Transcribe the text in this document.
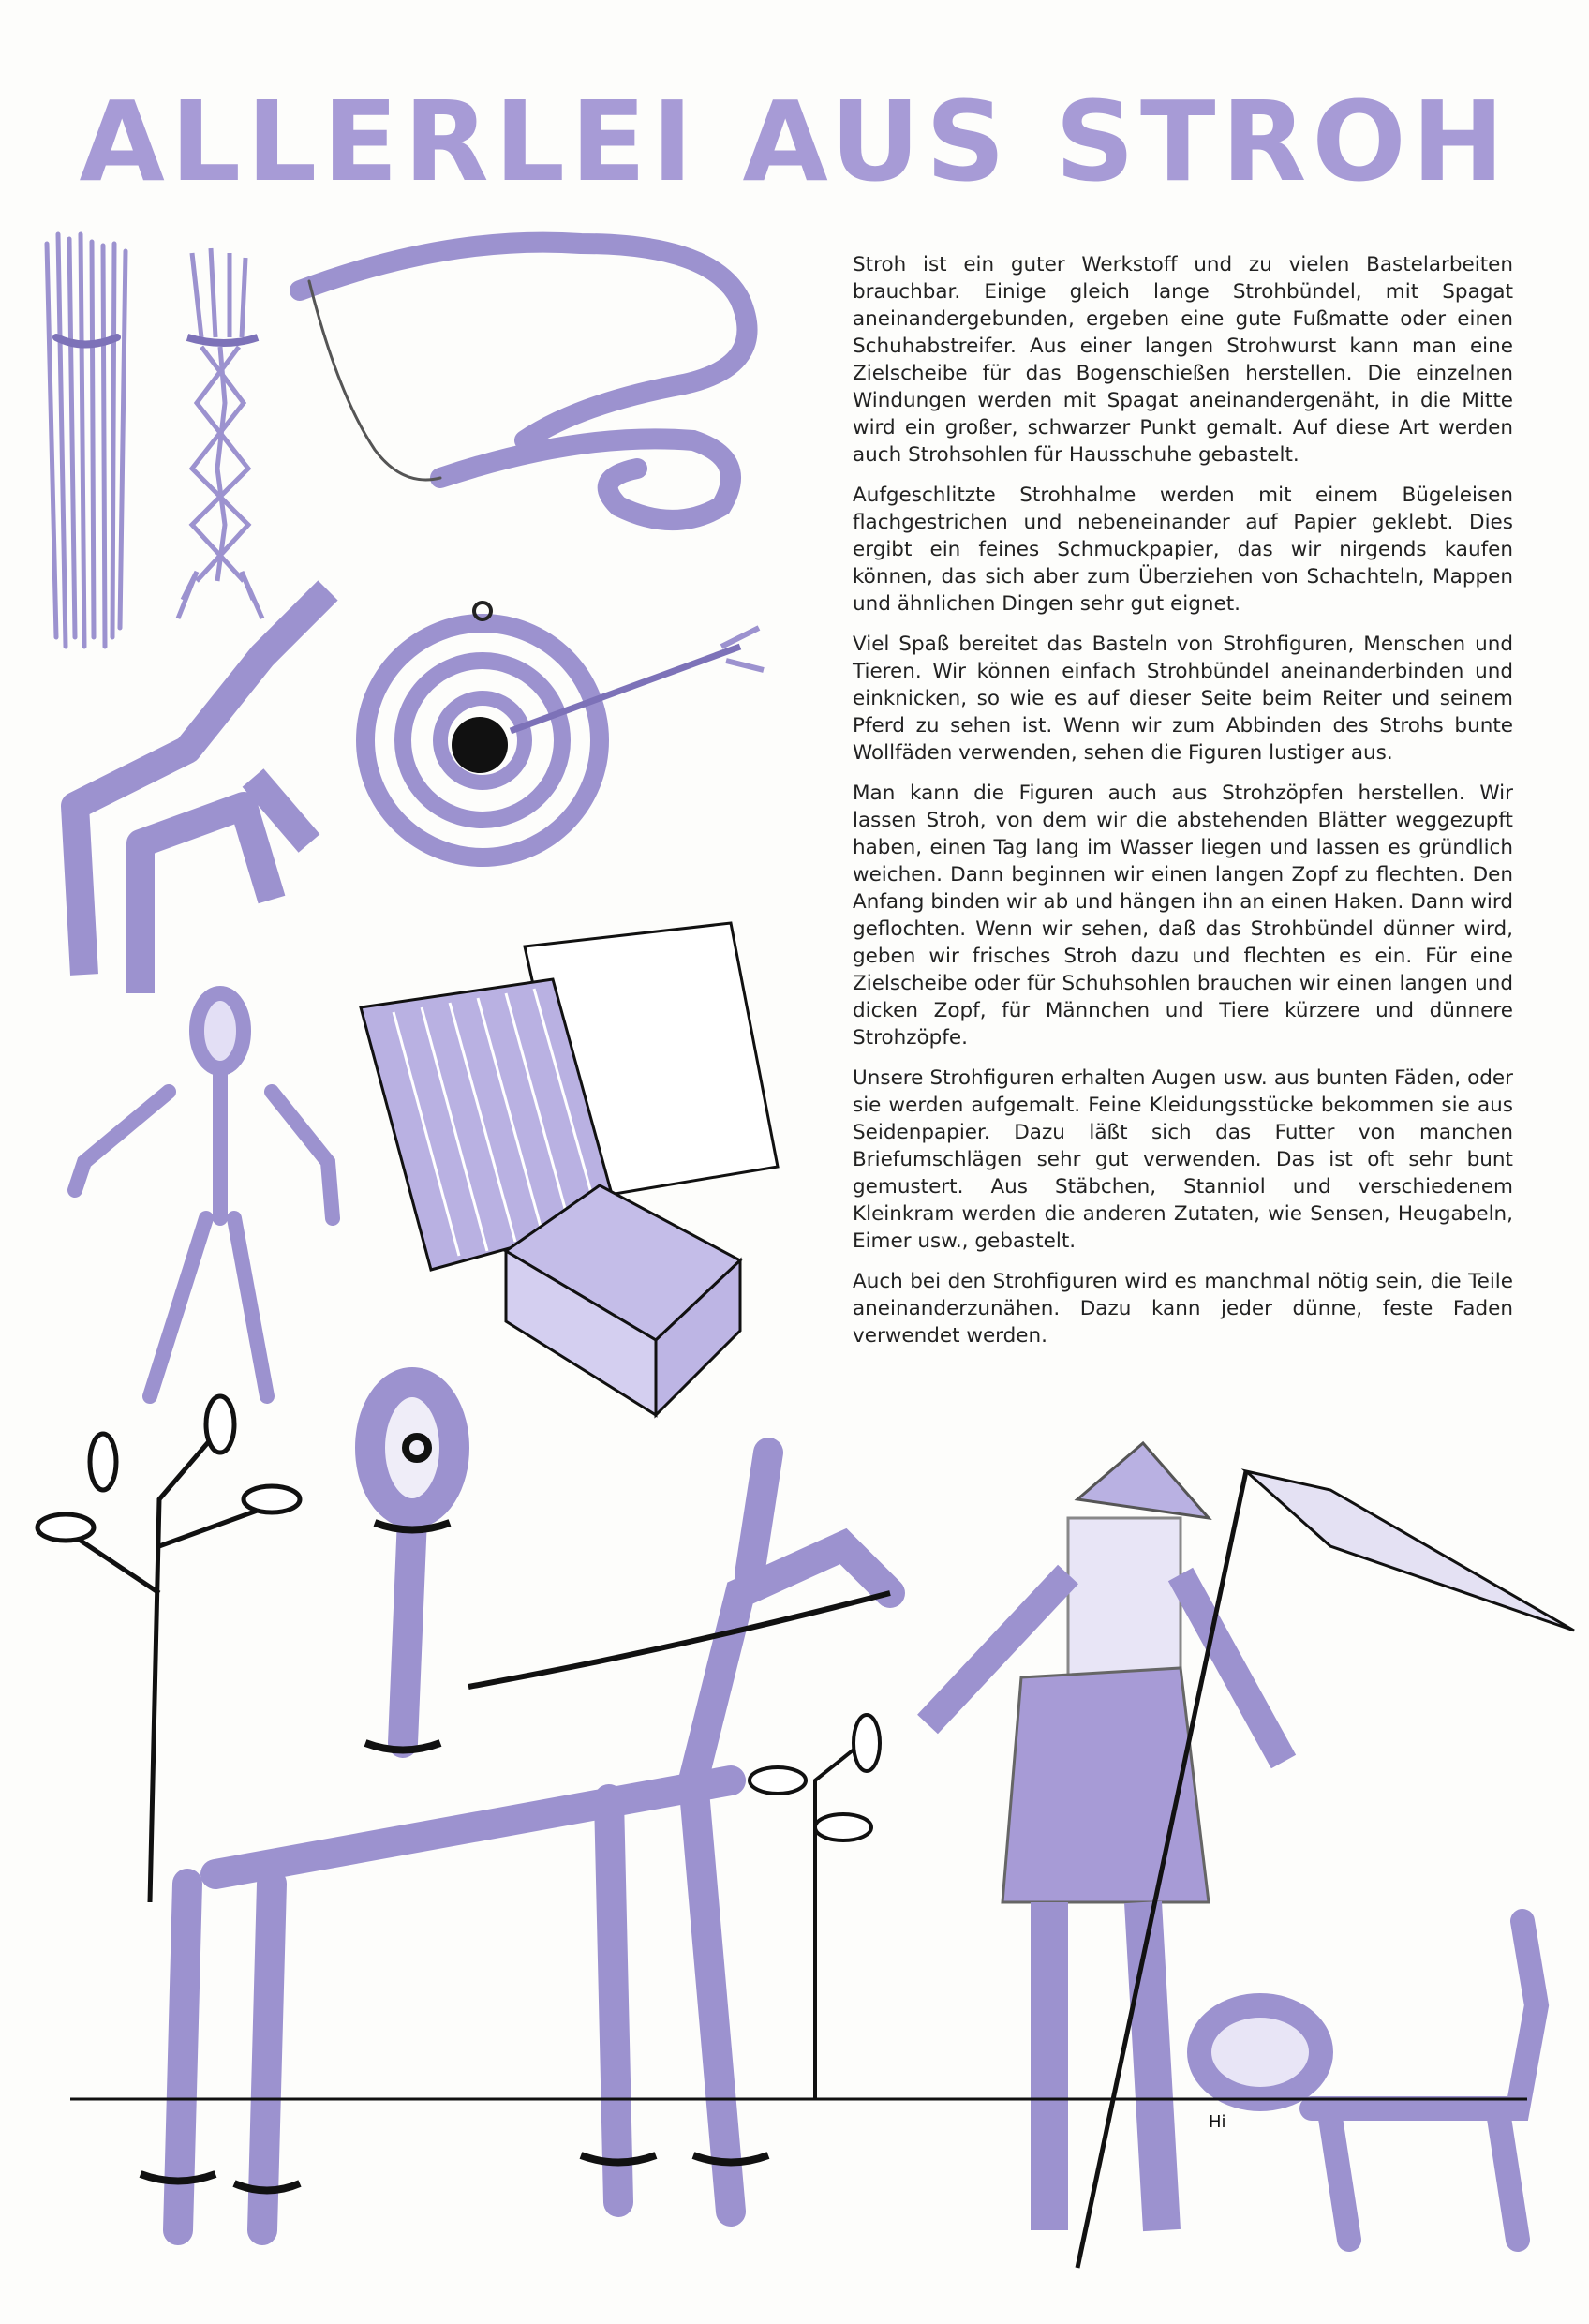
ALLERLEI AUS STROH

Stroh ist ein guter Werkstoff und zu vielen Bastelarbeiten brauchbar. Einige gleich lange Strohbündel, mit Spagat aneinandergebunden, ergeben eine gute Fußmatte oder einen Schuhabstreifer. Aus einer langen Strohwurst kann man eine Zielscheibe für das Bogenschießen herstellen. Die einzelnen Windungen werden mit Spagat aneinandergenäht, in die Mitte wird ein großer, schwarzer Punkt gemalt. Auf diese Art werden auch Strohsohlen für Hausschuhe gebastelt.

Aufgeschlitzte Strohhalme werden mit einem Bügeleisen flachgestrichen und nebeneinander auf Papier geklebt. Dies ergibt ein feines Schmuckpapier, das wir nirgends kaufen können, das sich aber zum Überziehen von Schachteln, Mappen und ähnlichen Dingen sehr gut eignet.

Viel Spaß bereitet das Basteln von Strohfiguren, Menschen und Tieren. Wir können einfach Strohbündel aneinanderbinden und einknicken, so wie es auf dieser Seite beim Reiter und seinem Pferd zu sehen ist. Wenn wir zum Abbinden des Strohs bunte Wollfäden verwenden, sehen die Figuren lustiger aus.

Man kann die Figuren auch aus Strohzöpfen herstellen. Wir lassen Stroh, von dem wir die abstehenden Blätter weggezupft haben, einen Tag lang im Wasser liegen und lassen es gründlich weichen. Dann beginnen wir einen langen Zopf zu flechten. Den Anfang binden wir ab und hängen ihn an einen Haken. Dann wird geflochten. Wenn wir sehen, daß das Strohbündel dünner wird, geben wir frisches Stroh dazu und flechten es ein. Für eine Zielscheibe oder für Schuhsohlen brauchen wir einen langen und dicken Zopf, für Männchen und Tiere kürzere und dünnere Strohzöpfe.

Unsere Strohfiguren erhalten Augen usw. aus bunten Fäden, oder sie werden aufgemalt. Feine Kleidungsstücke bekommen sie aus Seidenpapier. Dazu läßt sich das Futter von manchen Briefumschlägen sehr gut verwenden. Das ist oft sehr bunt gemustert. Aus Stäbchen, Stanniol und verschiedenem Kleinkram werden die anderen Zutaten, wie Sensen, Heugabeln, Eimer usw., gebastelt.

Auch bei den Strohfiguren wird es manchmal nötig sein, die Teile aneinanderzunähen. Dazu kann jeder dünne, feste Faden verwendet werden.

Hi
